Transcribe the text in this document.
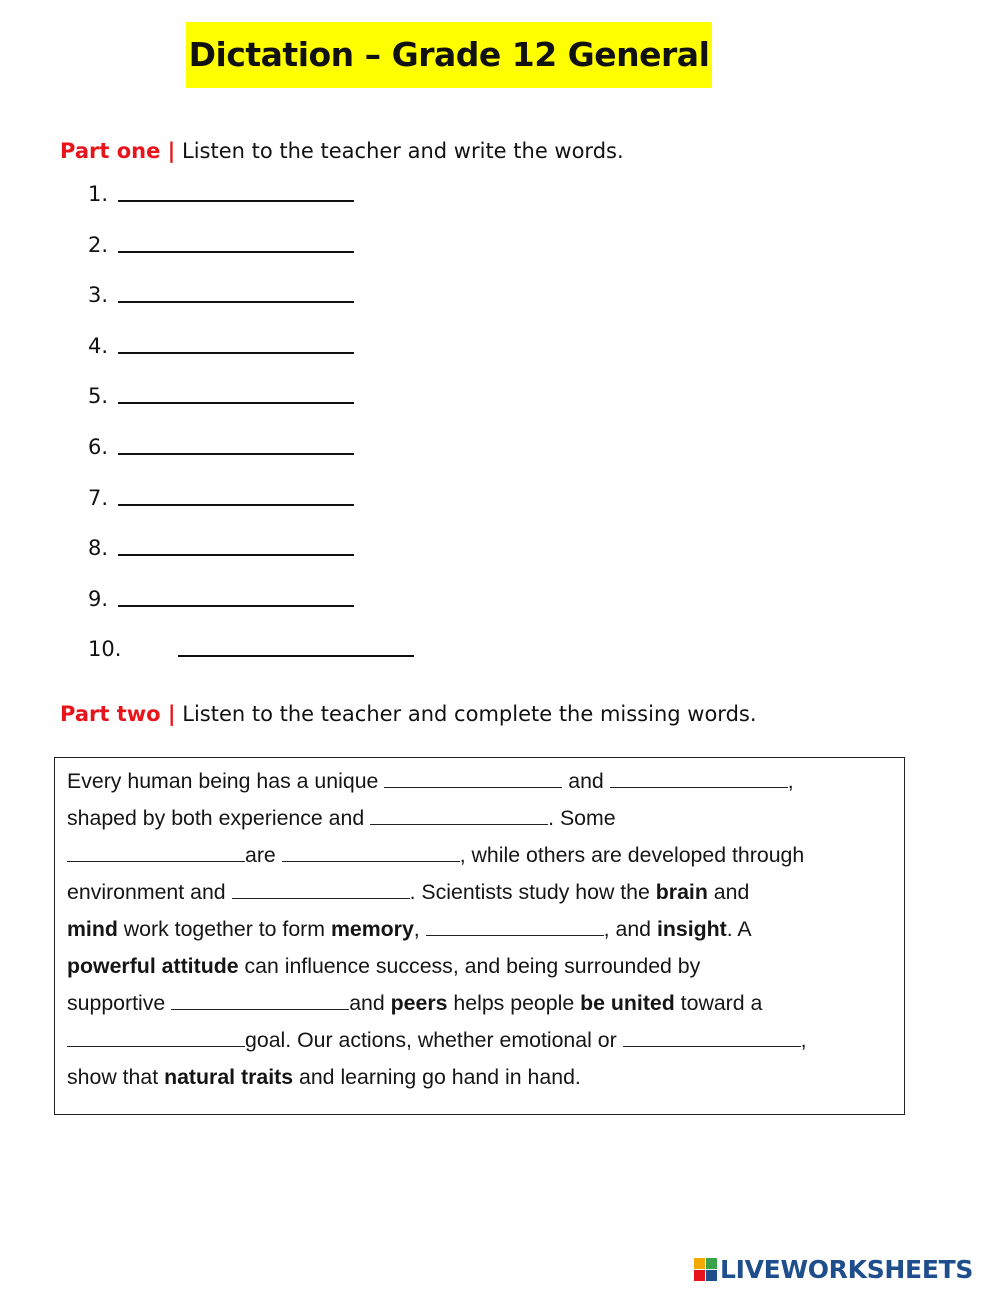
Dictation – Grade 12 General
Part one | Listen to the teacher and write the words.
1.
2.
3.
4.
5.
6.
7.
8.
9.
10.
Part two | Listen to the teacher and complete the missing words.
Every human being has a unique	and	,
shaped by both experience and	. Some
are	, while others are developed through
environment and	. Scientists study how the brain and
mind work together to form memory,	, and insight. A
powerful attitude can influence success, and being surrounded by
supportive	and peers helps people be united toward a
goal. Our actions, whether emotional or	,
show that natural traits and learning go hand in hand.
LIVEWORKSHEETS
